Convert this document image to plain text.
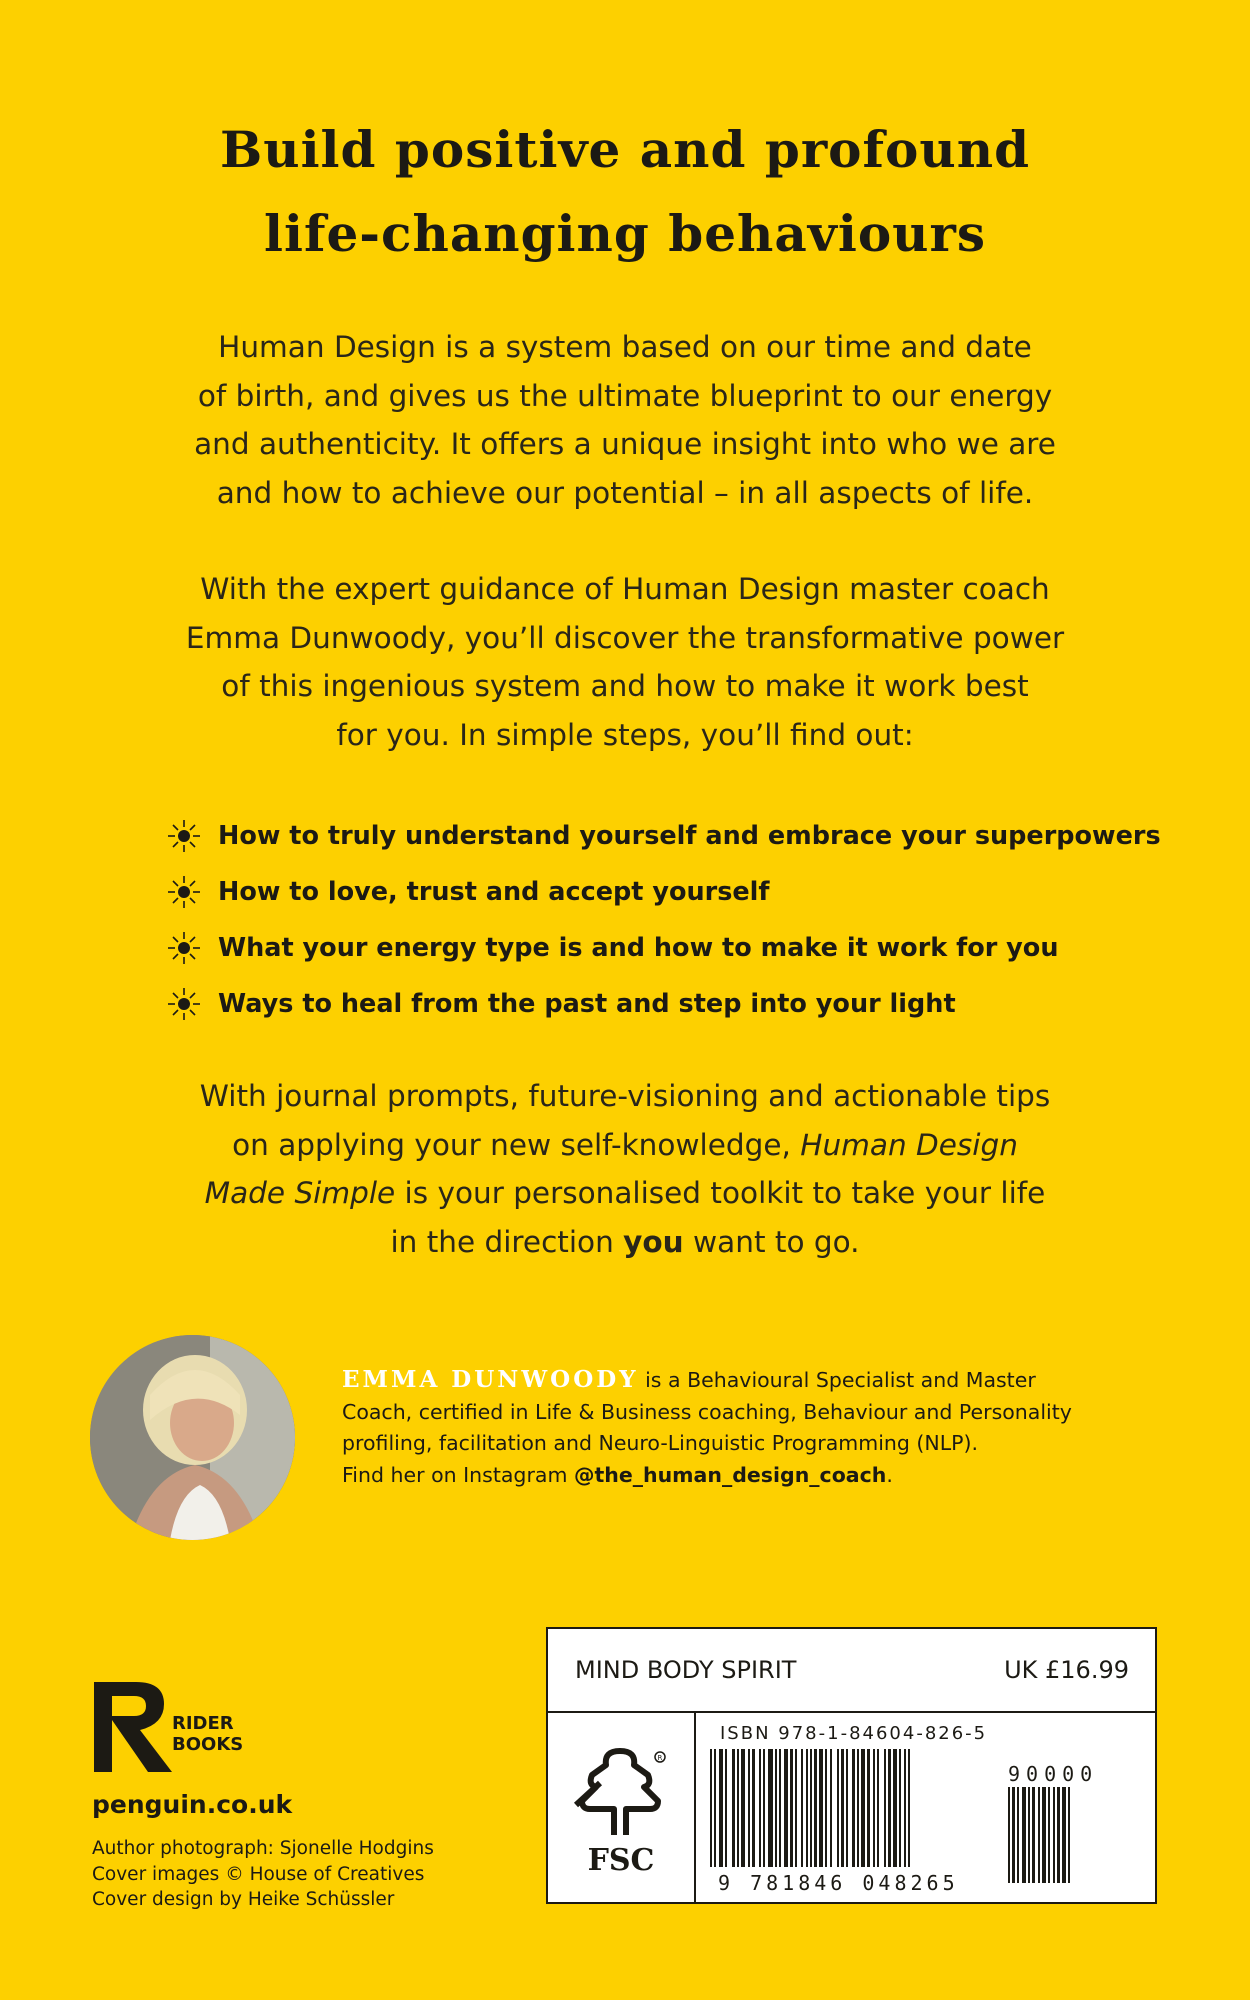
Build positive and profound
life-changing behaviours

Human Design is a system based on our time and date
of birth, and gives us the ultimate blueprint to our energy
and authenticity. It offers a unique insight into who we are
and how to achieve our potential – in all aspects of life.

With the expert guidance of Human Design master coach
Emma Dunwoody, you’ll discover the transformative power
of this ingenious system and how to make it work best
for you. In simple steps, you’ll find out:

How to truly understand yourself and embrace your superpowers
How to love, trust and accept yourself
What your energy type is and how to make it work for you
Ways to heal from the past and step into your light

With journal prompts, future-visioning and actionable tips
on applying your new self-knowledge, Human Design
Made Simple is your personalised toolkit to take your life
in the direction you want to go.

EMMA DUNWOODY is a Behavioural Specialist and Master
Coach, certified in Life & Business coaching, Behaviour and Personality
profiling, facilitation and Neuro-Linguistic Programming (NLP).
Find her on Instagram @the_human_design_coach.

RIDER
BOOKS

penguin.co.uk

Author photograph: Sjonelle Hodgins
Cover images © House of Creatives
Cover design by Heike Schüssler
MIND BODY SPIRIT	UK £16.99
R
FSC
ISBN 978-1-84604-826-5
9 781846 048265
90000
